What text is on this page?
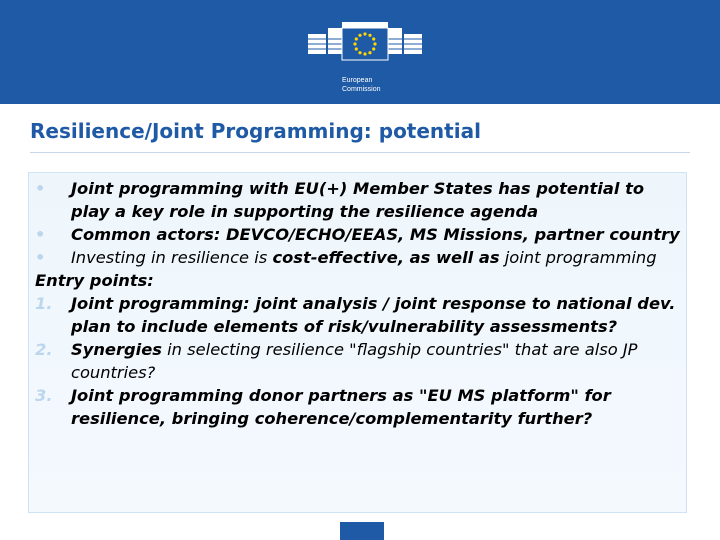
European
Commission
Resilience/Joint Programming: potential
•	Joint programming with EU(+) Member States has potential to play a key role in supporting the resilience agenda
•	Common actors: DEVCO/ECHO/EEAS, MS Missions, partner country
•	Investing in resilience is cost-effective, as well as joint programming
Entry points:
1.	Joint programming: joint analysis / joint response to national dev. plan to include elements of risk/vulnerability assessments?
2.	Synergies in selecting resilience "flagship countries" that are also JP countries?
3.	Joint programming donor partners as "EU MS platform" for resilience, bringing coherence/complementarity further?
